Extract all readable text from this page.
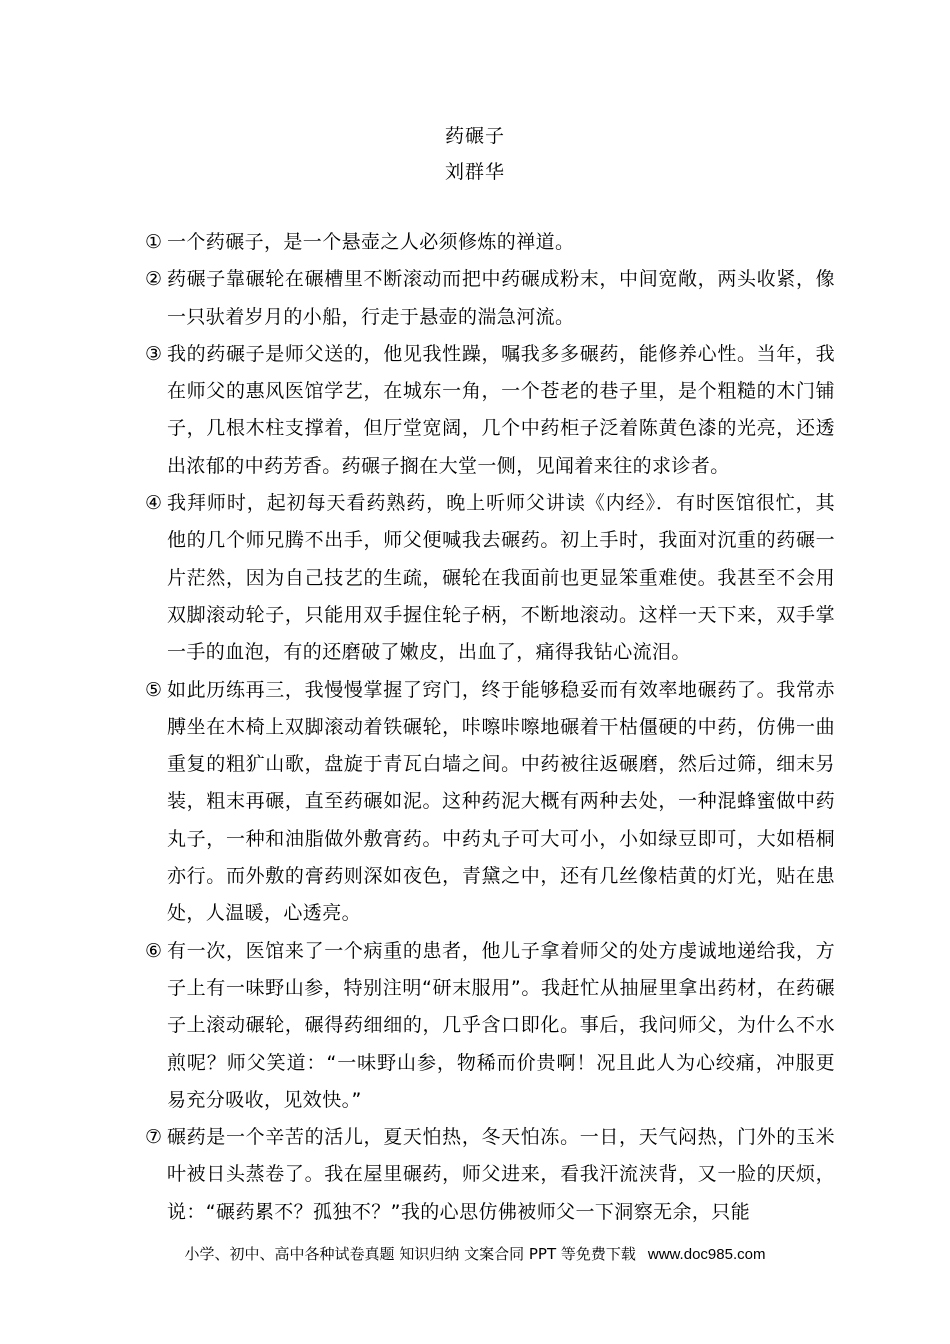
药碾子
刘群华
① 一个药碾子，是一个悬壶之人必须修炼的禅道。
② 药碾子靠碾轮在碾槽里不断滚动而把中药碾成粉末，中间宽敞，两头收紧，像一只驮着岁月的小船，行走于悬壶的湍急河流。
③ 我的药碾子是师父送的，他见我性躁，嘱我多多碾药，能修养心性。当年，我在师父的惠风医馆学艺，在城东一角，一个苍老的巷子里，是个粗糙的木门铺子，几根木柱支撑着，但厅堂宽阔，几个中药柜子泛着陈黄色漆的光亮，还透出浓郁的中药芳香。药碾子搁在大堂一侧，见闻着来往的求诊者。
④ 我拜师时，起初每天看药熟药，晚上听师父讲读《内经》．有时医馆很忙，其他的几个师兄腾不出手，师父便喊我去碾药。初上手时，我面对沉重的药碾一片茫然，因为自己技艺的生疏，碾轮在我面前也更显笨重难使。我甚至不会用双脚滚动轮子，只能用双手握住轮子柄，不断地滚动。这样一天下来，双手掌一手的血泡，有的还磨破了嫩皮，出血了，痛得我钻心流泪。
⑤ 如此历练再三，我慢慢掌握了窍门，终于能够稳妥而有效率地碾药了。我常赤膊坐在木椅上双脚滚动着铁碾轮，咔嚓咔嚓地碾着干枯僵硬的中药，仿佛一曲重复的粗犷山歌，盘旋于青瓦白墙之间。中药被往返碾磨，然后过筛，细末另装，粗末再碾，直至药碾如泥。这种药泥大概有两种去处，一种混蜂蜜做中药丸子，一种和油脂做外敷膏药。中药丸子可大可小，小如绿豆即可，大如梧桐亦行。而外敷的膏药则深如夜色，青黛之中，还有几丝像桔黄的灯光，贴在患处，人温暖，心透亮。
⑥ 有一次，医馆来了一个病重的患者，他儿子拿着师父的处方虔诚地递给我，方子上有一味野山参，特别注明“研末服用”。我赶忙从抽屉里拿出药材，在药碾子上滚动碾轮，碾得药细细的，几乎含口即化。事后，我问师父，为什么不水煎呢？师父笑道：“一味野山参，物稀而价贵啊！况且此人为心绞痛，冲服更易充分吸收，见效快。”
⑦ 碾药是一个辛苦的活儿，夏天怕热，冬天怕冻。一日，天气闷热，门外的玉米叶被日头蒸卷了。我在屋里碾药，师父进来，看我汗流浃背，又一脸的厌烦，说：“碾药累不？孤独不？”我的心思仿佛被师父一下洞察无余，只能
小学、初中、高中各种试卷真题 知识归纳 文案合同 PPT 等免费下载 www.doc985.com
